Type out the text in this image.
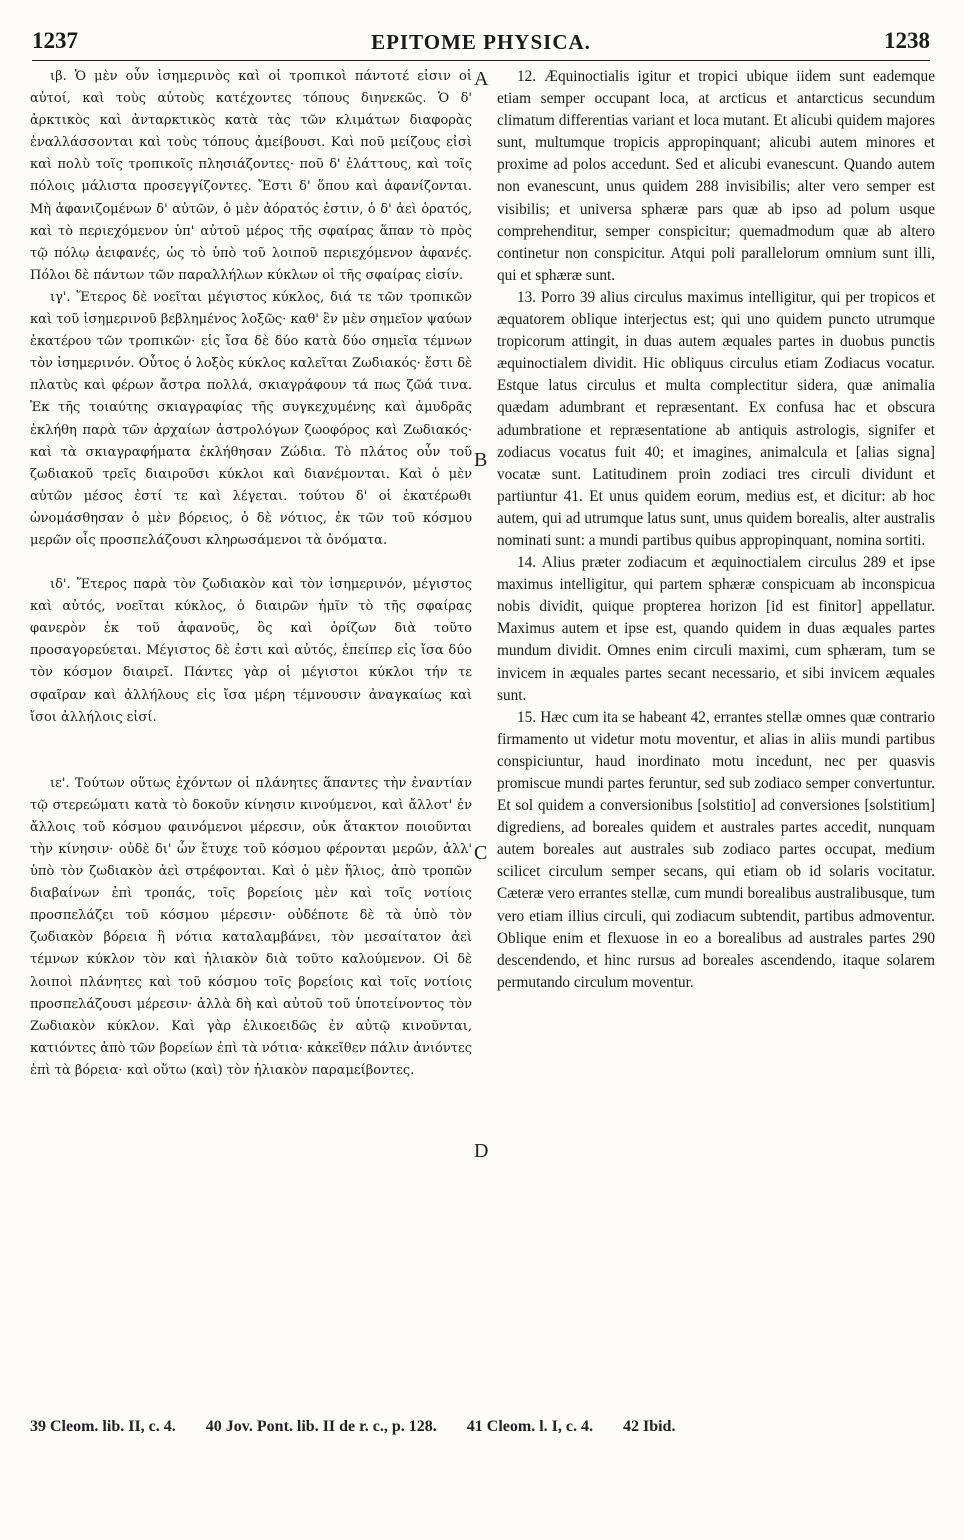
1237	EPITOME PHYSICA.	1238

ιβ. Ὁ μὲν οὖν ἰσημερινὸς καὶ οἱ τροπικοὶ πάντοτέ εἰσιν οἱ αὐτοί, καὶ τοὺς αὐτοὺς κατέχοντες τόπους διηνεκῶς. Ὁ δ' ἀρκτικὸς καὶ ἀνταρκτικὸς κατὰ τὰς τῶν κλιμάτων διαφορὰς ἐναλλάσσονται καὶ τοὺς τόπους ἀμείβουσι. Καὶ ποῦ μείζους εἰσὶ καὶ πολὺ τοῖς τροπικοῖς πλησιάζοντες· ποῦ δ' ἐλάττους, καὶ τοῖς πόλοις μάλιστα προσεγγίζοντες. Ἔστι δ' ὅπου καὶ ἀφανίζονται. Μὴ ἀφανιζομένων δ' αὐτῶν, ὁ μὲν ἀόρατός ἐστιν, ὁ δ' ἀεὶ ὁρατός, καὶ τὸ περιεχόμενον ὑπ' αὐτοῦ μέρος τῆς σφαίρας ἅπαν τὸ πρὸς τῷ πόλῳ ἀειφανές, ὡς τὸ ὑπὸ τοῦ λοιποῦ περιεχόμενον ἀφανές. Πόλοι δὲ πάντων τῶν παραλλήλων κύκλων οἱ τῆς σφαίρας εἰσίν.

ιγ'. Ἕτερος δὲ νοεῖται μέγιστος κύκλος, διά τε τῶν τροπικῶν καὶ τοῦ ἰσημερινοῦ βεβλημένος λοξῶς· καθ' ἓν μὲν σημεῖον ψαύων ἑκατέρου τῶν τροπικῶν· εἰς ἴσα δὲ δύο κατὰ δύο σημεῖα τέμνων τὸν ἰσημερινόν. Οὗτος ὁ λοξὸς κύκλος καλεῖται Ζωδιακός· ἔστι δὲ πλατὺς καὶ φέρων ἄστρα πολλά, σκιαγράφουν τά πως ζῶά τινα. Ἐκ τῆς τοιαύτης σκιαγραφίας τῆς συγκεχυμένης καὶ ἀμυδρᾶς ἐκλήθη παρὰ τῶν ἀρχαίων ἀστρολόγων ζωοφόρος καὶ Ζωδιακός· καὶ τὰ σκιαγραφήματα ἐκλήθησαν Ζώδια. Τὸ πλάτος οὖν τοῦ ζωδιακοῦ τρεῖς διαιροῦσι κύκλοι καὶ διανέμονται. Καὶ ὁ μὲν αὐτῶν μέσος ἐστί τε καὶ λέγεται. τούτου δ' οἱ ἑκατέρωθι ὠνομάσθησαν ὁ μὲν βόρειος, ὁ δὲ νότιος, ἐκ τῶν τοῦ κόσμου μερῶν οἷς προσπελάζουσι κληρωσάμενοι τὰ ὀνόματα.

ιδ'. Ἕτερος παρὰ τὸν ζωδιακὸν καὶ τὸν ἰσημερινόν, μέγιστος καὶ αὐτός, νοεῖται κύκλος, ὁ διαιρῶν ἡμῖν τὸ τῆς σφαίρας φανερὸν ἐκ τοῦ ἀφανοῦς, ὃς καὶ ὁρίζων διὰ τοῦτο προσαγορεύεται. Μέγιστος δὲ ἐστι καὶ αὐτός, ἐπείπερ εἰς ἴσα δύο τὸν κόσμον διαιρεῖ. Πάντες γὰρ οἱ μέγιστοι κύκλοι τήν τε σφαῖραν καὶ ἀλλήλους εἰς ἴσα μέρη τέμνουσιν ἀναγκαίως καὶ ἴσοι ἀλλήλοις εἰσί.

ιε'. Τούτων οὕτως ἐχόντων οἱ πλάνητες ἅπαντες τὴν ἐναντίαν τῷ στερεώματι κατὰ τὸ δοκοῦν κίνησιν κινούμενοι, καὶ ἄλλοτ' ἐν ἄλλοις τοῦ κόσμου φαινόμενοι μέρεσιν, οὐκ ἄτακτον ποιοῦνται τὴν κίνησιν· οὐδὲ δι' ὧν ἔτυχε τοῦ κόσμου φέρονται μερῶν, ἀλλ' ὑπὸ τὸν ζωδιακὸν ἀεὶ στρέφονται. Καὶ ὁ μὲν ἥλιος, ἀπὸ τροπῶν διαβαίνων ἐπὶ τροπάς, τοῖς βορείοις μὲν καὶ τοῖς νοτίοις προσπελάζει τοῦ κόσμου μέρεσιν· οὐδέποτε δὲ τὰ ὑπὸ τὸν ζωδιακὸν βόρεια ἢ νότια καταλαμβάνει, τὸν μεσαίτατον ἀεὶ τέμνων κύκλον τὸν καὶ ἡλιακὸν διὰ τοῦτο καλούμενον. Οἱ δὲ λοιποὶ πλάνητες καὶ τοῦ κόσμου τοῖς βορείοις καὶ τοῖς νοτίοις προσπελάζουσι μέρεσιν· ἀλλὰ δὴ καὶ αὐτοῦ τοῦ ὑποτείνοντος τὸν Ζωδιακὸν κύκλον. Καὶ γὰρ ἑλικοειδῶς ἐν αὐτῷ κινοῦνται, κατιόντες ἀπὸ τῶν βορείων ἐπὶ τὰ νότια· κἀκεῖθεν πάλιν ἀνιόντες ἐπὶ τὰ βόρεια· καὶ οὕτω (καὶ) τὸν ἡλιακὸν παραμείβοντες.

A
B
C
D

12. Æquinoctialis igitur et tropici ubique iidem sunt eademque etiam semper occupant loca, at arcticus et antarcticus secundum climatum differentias variant et loca mutant. Et alicubi quidem majores sunt, multumque tropicis appropinquant; alicubi autem minores et proxime ad polos accedunt. Sed et alicubi evanescunt. Quando autem non evanescunt, unus quidem 288 invisibilis; alter vero semper est visibilis; et universa sphæræ pars quæ ab ipso ad polum usque comprehenditur, semper conspicitur; quemadmodum quæ ab altero continetur non conspicitur. Atqui poli parallelorum omnium sunt illi, qui et sphæræ sunt.

13. Porro 39 alius circulus maximus intelligitur, qui per tropicos et æquatorem oblique interjectus est; qui uno quidem puncto utrumque tropicorum attingit, in duas autem æquales partes in duobus punctis æquinoctialem dividit. Hic obliquus circulus etiam Zodiacus vocatur. Estque latus circulus et multa complectitur sidera, quæ animalia quædam adumbrant et repræsentant. Ex confusa hac et obscura adumbratione et repræsentatione ab antiquis astrologis, signifer et zodiacus vocatus fuit 40; et imagines, animalcula et [alias signa] vocatæ sunt. Latitudinem proin zodiaci tres circuli dividunt et partiuntur 41. Et unus quidem eorum, medius est, et dicitur: ab hoc autem, qui ad utrumque latus sunt, unus quidem borealis, alter australis nominati sunt: a mundi partibus quibus appropinquant, nomina sortiti.

14. Alius præter zodiacum et æquinoctialem circulus 289 et ipse maximus intelligitur, qui partem sphæræ conspicuam ab inconspicua nobis dividit, quique propterea horizon [id est finitor] appellatur. Maximus autem et ipse est, quando quidem in duas æquales partes mundum dividit. Omnes enim circuli maximi, cum sphæram, tum se invicem in æquales partes secant necessario, et sibi invicem æquales sunt.

15. Hæc cum ita se habeant 42, errantes stellæ omnes quæ contrario firmamento ut videtur motu moventur, et alias in aliis mundi partibus conspiciuntur, haud inordinato motu incedunt, nec per quasvis promiscue mundi partes feruntur, sed sub zodiaco semper convertuntur. Et sol quidem a conversionibus [solstitio] ad conversiones [solstitium] digrediens, ad boreales quidem et australes partes accedit, nunquam autem boreales aut australes sub zodiaco partes occupat, medium scilicet circulum semper secans, qui etiam ob id solaris vocitatur. Cæteræ vero errantes stellæ, cum mundi borealibus australibusque, tum vero etiam illius circuli, qui zodiacum subtendit, partibus admoventur. Oblique enim et flexuose in eo a borealibus ad australes partes 290 descendendo, et hinc rursus ad boreales ascendendo, itaque solarem permutando circulum moventur.

39 Cleom. lib. II, c. 4. 40 Jov. Pont. lib. II de r. c., p. 128. 41 Cleom. l. I, c. 4. 42 Ibid.
